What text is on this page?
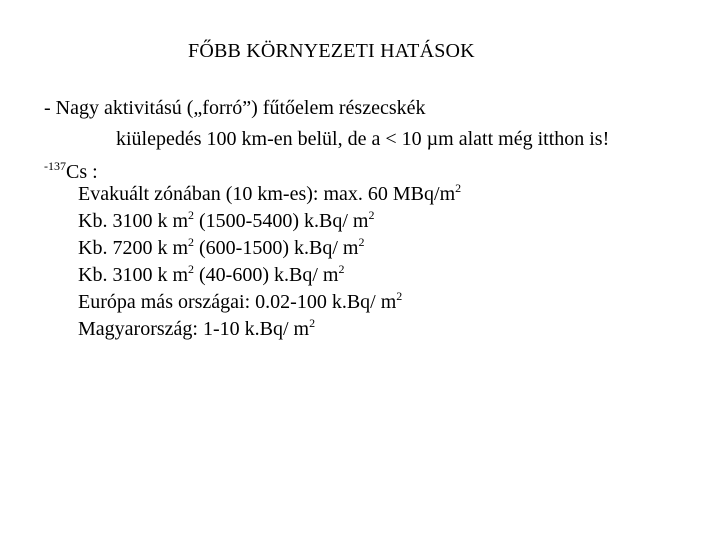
FŐBB KÖRNYEZETI HATÁSOK
- Nagy aktivitású („forró”) fűtőelem részecskék
kiülepedés 100 km-en belül, de a < 10 µm alatt még itthon is!
$^{-137}$Cs :
Evakuált zónában (10 km-es): max. 60 MBq/$m^2$
Kb. 3100 k $m^2$ (1500-5400) k.Bq/ $m^2$
Kb. 7200 k $m^2$ (600-1500) k.Bq/ $m^2$
Kb. 3100 k $m^2$ (40-600) k.Bq/ $m^2$
Európa más országai: 0.02-100 k.Bq/ $m^2$
Magyarország: 1-10 k.Bq/ $m^2$
